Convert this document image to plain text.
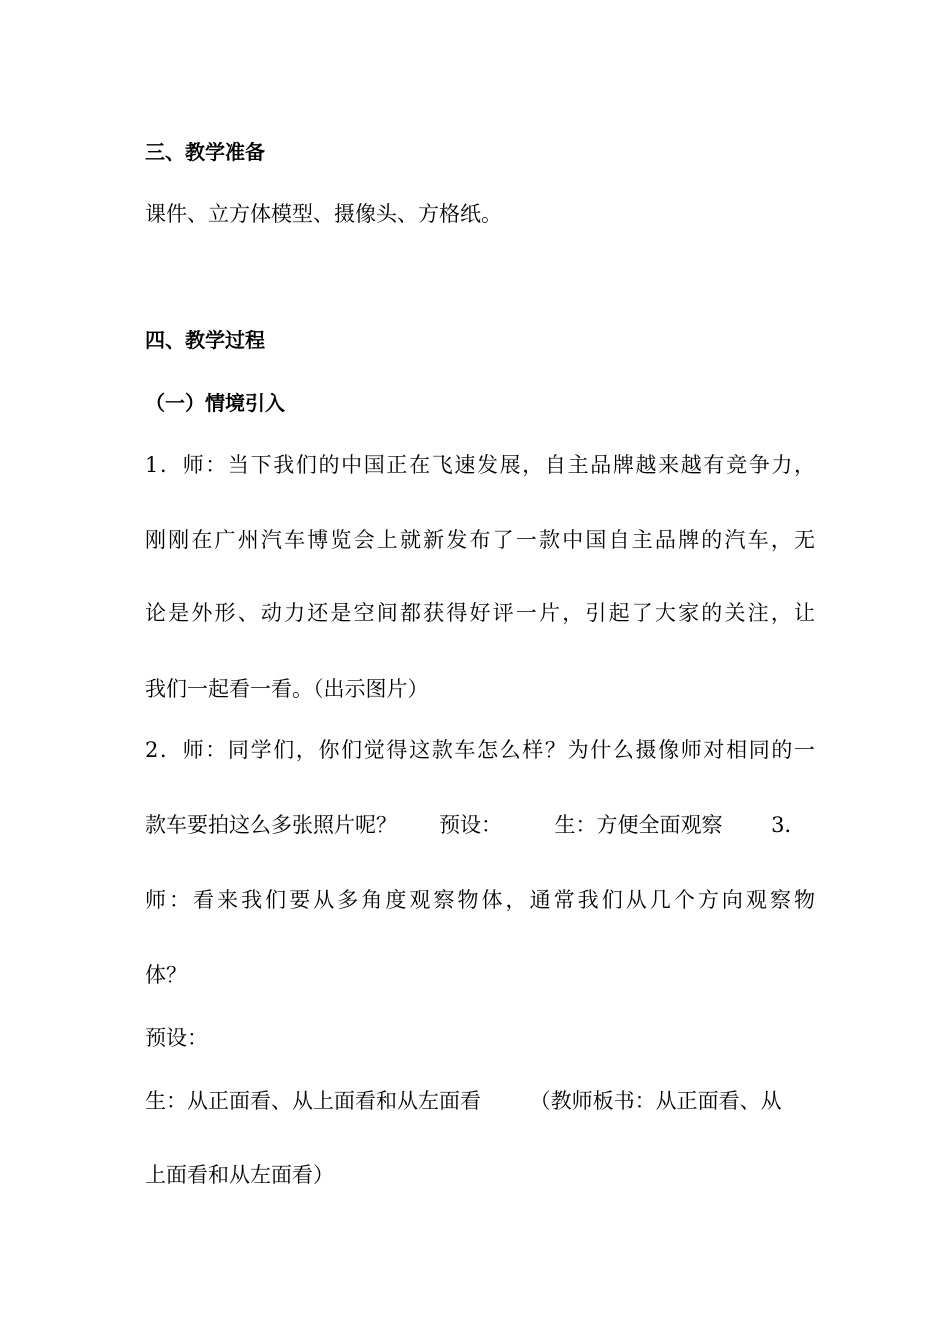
三、教学准备
课件、立方体模型、摄像头、方格纸。
四、教学过程
（一）情境引入
1．师：当下我们的中国正在飞速发展，自主品牌越来越有竞争力，
刚刚在广州汽车博览会上就新发布了一款中国自主品牌的汽车，无
论是外形、动力还是空间都获得好评一片，引起了大家的关注，让
我们一起看一看。（出示图片）
2．师：同学们，你们觉得这款车怎么样？为什么摄像师对相同的一
款车要拍这么多张照片呢？　　预设：　　　生：方便全面观察　　 3．
师：看来我们要从多角度观察物体，通常我们从几个方向观察物
体？
预设：
生：从正面看、从上面看和从左面看　　 （教师板书：从正面看、从
上面看和从左面看）
